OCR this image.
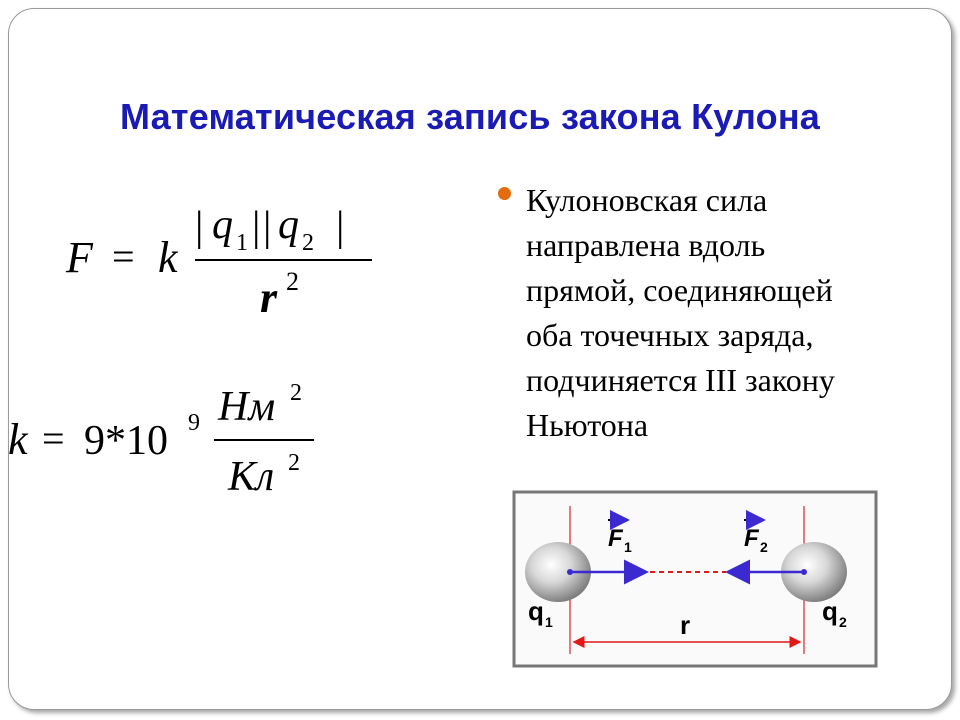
Математическая запись закона Кулона
F = k
| q 1 | | q 2 |
r 2
k = 9*10 9 Нм 2
Кл 2
Кулоновская сила
направлена вдоль
прямой, соединяющей
оба точечных заряда,
подчиняется III закону
Ньютона
F 1	F 2
q 1	q 2
r
